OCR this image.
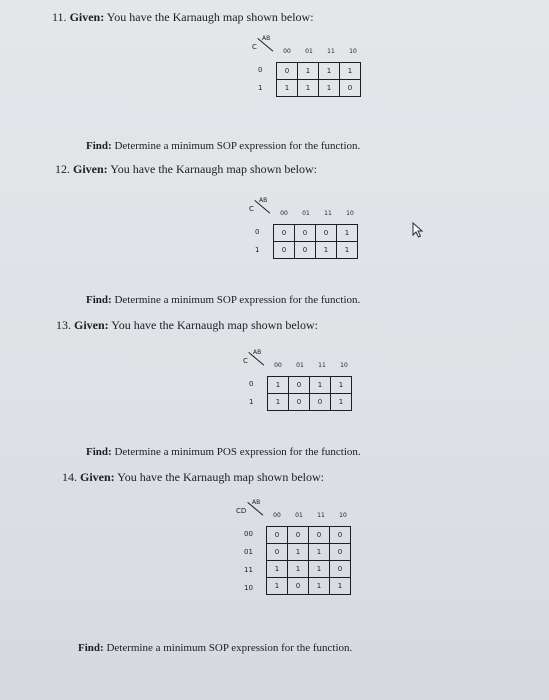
11. Given: You have the Karnaugh map shown below:
AB
C
00	01	11	10
0
1
0	1	1	1
1	1	1	0
Find: Determine a minimum SOP expression for the function.
12. Given: You have the Karnaugh map shown below:
AB
C
00	01	11	10
0
1
0	0	0	1
0	0	1	1
Find: Determine a minimum SOP expression for the function.
13. Given: You have the Karnaugh map shown below:
AB
C
00	01	11	10
0
1
1	0	1	1
1	0	0	1
Find: Determine a minimum POS expression for the function.
14. Given: You have the Karnaugh map shown below:
AB
CD
00	01	11	10
00
01
11
10
0	0	0	0
0	1	1	0
1	1	1	0
1	0	1	1
Find: Determine a minimum SOP expression for the function.
